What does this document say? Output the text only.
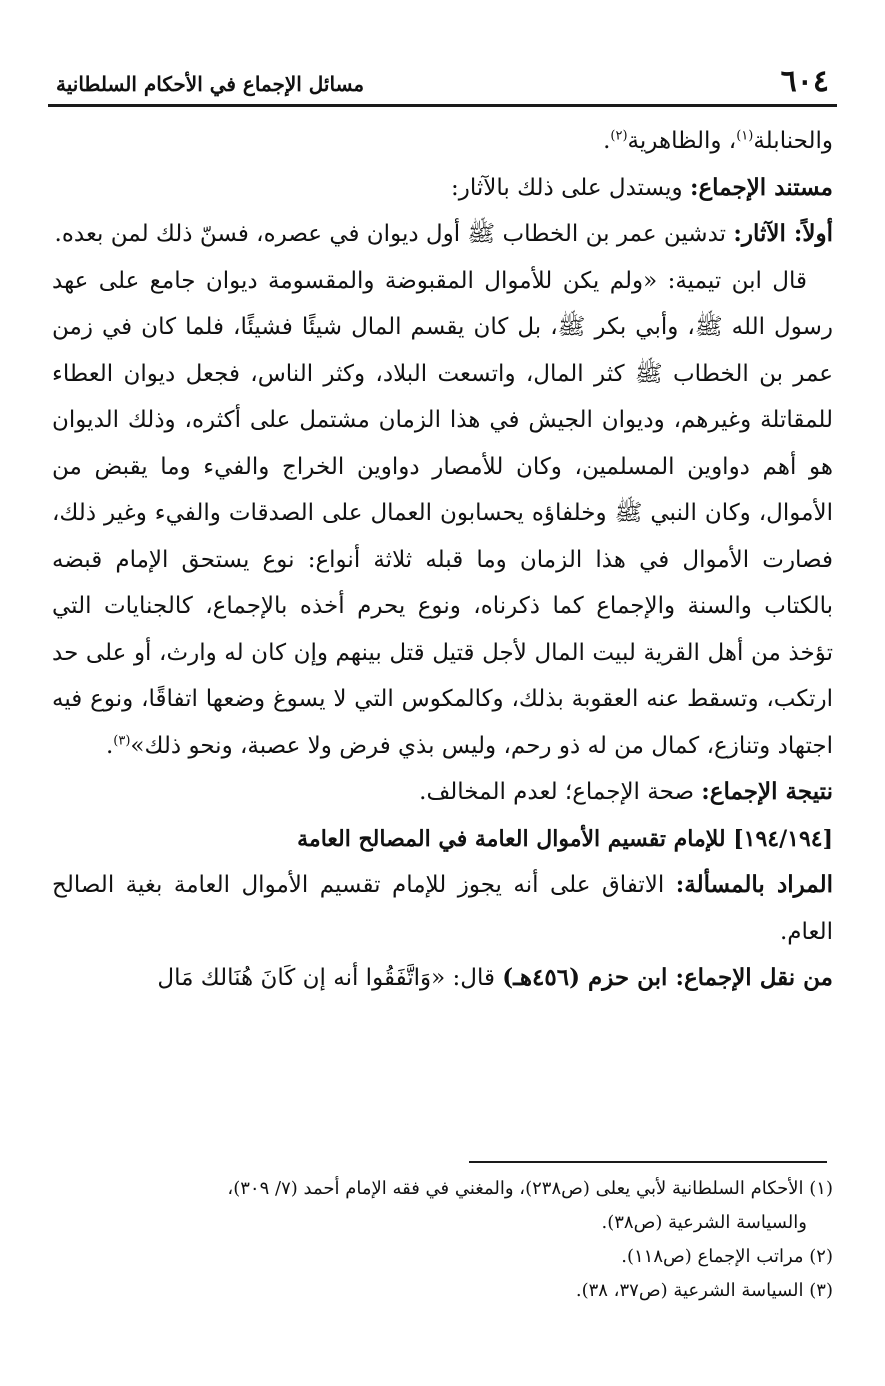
٦٠٤
مسائل الإجماع في الأحكام السلطانية

والحنابلة$^{(١)}$، والظاهرية$^{(٢)}$.

مستند الإجماع: ويستدل على ذلك بالآثار:

أولاً: الآثار: تدشين عمر بن الخطاب ﷺ أول ديوان في عصره، فسنّ ذلك لمن بعده.

قال ابن تيمية: «ولم يكن للأموال المقبوضة والمقسومة ديوان جامع على عهد رسول الله ﷺ، وأبي بكر ﷺ، بل كان يقسم المال شيئًا فشيئًا، فلما كان في زمن عمر بن الخطاب ﷺ كثر المال، واتسعت البلاد، وكثر الناس، فجعل ديوان العطاء للمقاتلة وغيرهم، وديوان الجيش في هذا الزمان مشتمل على أكثره، وذلك الديوان هو أهم دواوين المسلمين، وكان للأمصار دواوين الخراج والفيء وما يقبض من الأموال، وكان النبي ﷺ وخلفاؤه يحسابون العمال على الصدقات والفيء وغير ذلك، فصارت الأموال في هذا الزمان وما قبله ثلاثة أنواع: نوع يستحق الإمام قبضه بالكتاب والسنة والإجماع كما ذكرناه، ونوع يحرم أخذه بالإجماع، كالجنايات التي تؤخذ من أهل القرية لبيت المال لأجل قتيل قتل بينهم وإن كان له وارث، أو على حد ارتكب، وتسقط عنه العقوبة بذلك، وكالمكوس التي لا يسوغ وضعها اتفاقًا، ونوع فيه اجتهاد وتنازع، كمال من له ذو رحم، وليس بذي فرض ولا عصبة، ونحو ذلك»$^{(٣)}$.

نتيجة الإجماع: صحة الإجماع؛ لعدم المخالف.

[١٩٤/١٩٤] للإمام تقسيم الأموال العامة في المصالح العامة

المراد بالمسألة: الاتفاق على أنه يجوز للإمام تقسيم الأموال العامة بغية الصالح العام.

من نقل الإجماع: ابن حزم (٤٥٦هـ) قال: «وَاتَّفَقُوا أنه إن كَانَ هُنَالك مَال

(١) الأحكام السلطانية لأبي يعلى (ص٢٣٨)، والمغني في فقه الإمام أحمد (٧/ ٣٠٩)،

والسياسة الشرعية (ص٣٨).

(٢) مراتب الإجماع (ص١١٨).

(٣) السياسة الشرعية (ص٣٧، ٣٨).
